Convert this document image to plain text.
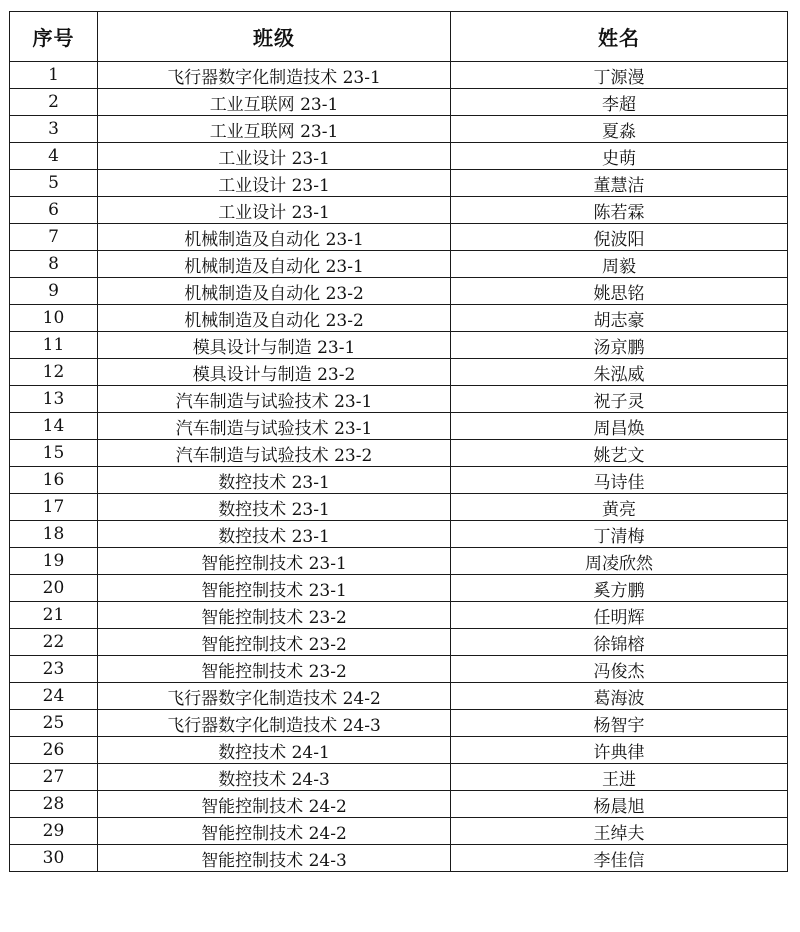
序号	班级	姓名
1	飞行器数字化制造技术 23-1	丁源漫
2	工业互联网 23-1	李超
3	工业互联网 23-1	夏淼
4	工业设计 23-1	史萌
5	工业设计 23-1	董慧洁
6	工业设计 23-1	陈若霖
7	机械制造及自动化 23-1	倪波阳
8	机械制造及自动化 23-1	周毅
9	机械制造及自动化 23-2	姚思铭
10	机械制造及自动化 23-2	胡志豪
11	模具设计与制造 23-1	汤京鹏
12	模具设计与制造 23-2	朱泓威
13	汽车制造与试验技术 23-1	祝子灵
14	汽车制造与试验技术 23-1	周昌焕
15	汽车制造与试验技术 23-2	姚艺文
16	数控技术 23-1	马诗佳
17	数控技术 23-1	黄亮
18	数控技术 23-1	丁清梅
19	智能控制技术 23-1	周凌欣然
20	智能控制技术 23-1	奚方鹏
21	智能控制技术 23-2	任明辉
22	智能控制技术 23-2	徐锦榕
23	智能控制技术 23-2	冯俊杰
24	飞行器数字化制造技术 24-2	葛海波
25	飞行器数字化制造技术 24-3	杨智宇
26	数控技术 24-1	许典律
27	数控技术 24-3	王进
28	智能控制技术 24-2	杨晨旭
29	智能控制技术 24-2	王绰夫
30	智能控制技术 24-3	李佳信
